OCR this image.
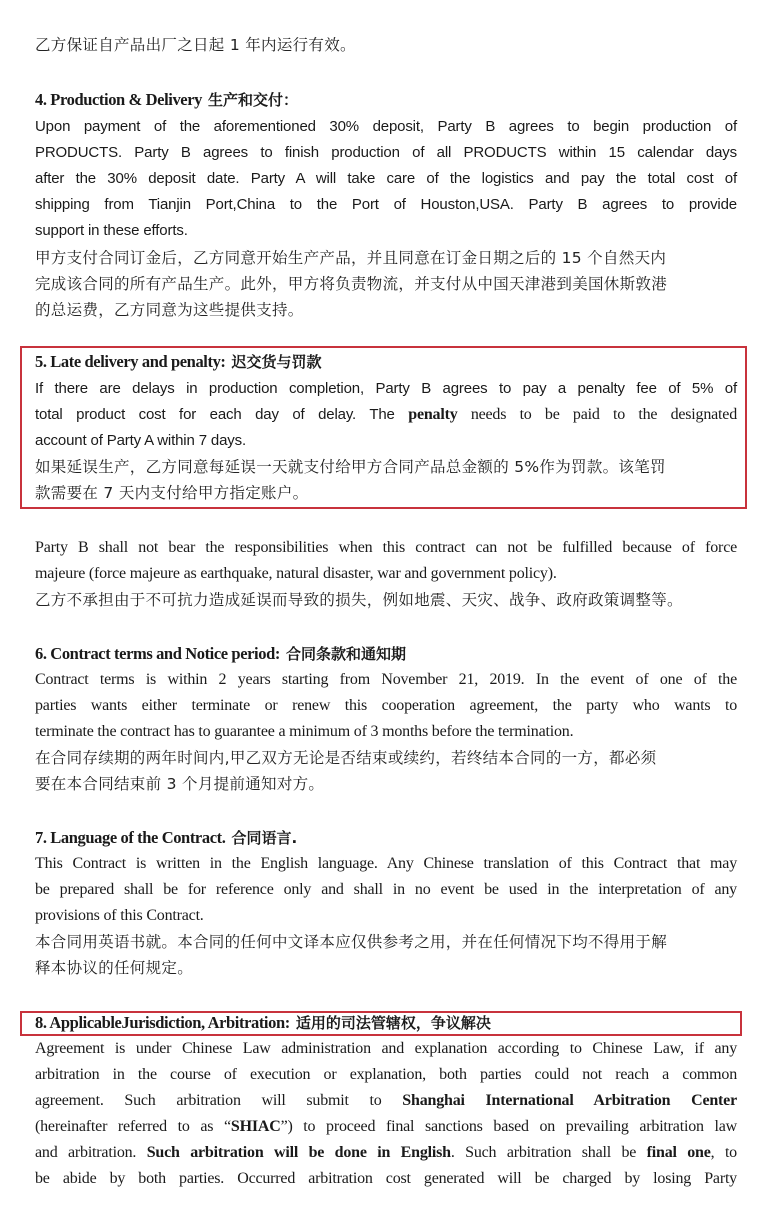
乙方保证自产品出厂之日起 1 年内运行有效。
4. Production & Delivery 生产和交付：
Upon payment of the aforementioned 30% deposit, Party B agrees to begin production of
PRODUCTS. Party B agrees to finish production of all PRODUCTS within 15 calendar days
after the 30% deposit date. Party A will take care of the logistics and pay the total cost of
shipping from Tianjin Port,China to the Port of Houston,USA. Party B agrees to provide
support in these efforts.
甲方支付合同订金后，乙方同意开始生产产品，并且同意在订金日期之后的 15 个自然天内
完成该合同的所有产品生产。此外，甲方将负责物流，并支付从中国天津港到美国休斯敦港
的总运费，乙方同意为这些提供支持。
5. Late delivery and penalty: 迟交货与罚款
If there are delays in production completion, Party B agrees to pay a penalty fee of 5% of
total product cost for each day of delay. The penalty needs to be paid to the designated
account of Party A within 7 days.
如果延误生产，乙方同意每延误一天就支付给甲方合同产品总金额的 5%作为罚款。该笔罚
款需要在 7 天内支付给甲方指定账户。
Party B shall not bear the responsibilities when this contract can not be fulfilled because of force
majeure (force majeure as earthquake, natural disaster, war and government policy).
乙方不承担由于不可抗力造成延误而导致的损失，例如地震、天灾、战争、政府政策调整等。
6. Contract terms and Notice period: 合同条款和通知期
Contract terms is within 2 years starting from November 21, 2019. In the event of one of the
parties wants either terminate or renew this cooperation agreement, the party who wants to
terminate the contract has to guarantee a minimum of 3 months before the termination.
在合同存续期的两年时间内,甲乙双方无论是否结束或续约，若终结本合同的一方，都必须
要在本合同结束前 3 个月提前通知对方。
7. Language of the Contract. 合同语言.
This Contract is written in the English language. Any Chinese translation of this Contract that may
be prepared shall be for reference only and shall in no event be used in the interpretation of any
provisions of this Contract.
本合同用英语书就。本合同的任何中文译本应仅供参考之用，并在任何情况下均不得用于解
释本协议的任何规定。
8. ApplicableJurisdiction, Arbitration: 适用的司法管辖权，争议解决
Agreement is under Chinese Law administration and explanation according to Chinese Law, if any
arbitration in the course of execution or explanation, both parties could not reach a common
agreement. Such arbitration will submit to Shanghai International Arbitration Center
(hereinafter referred to as “SHIAC”) to proceed final sanctions based on prevailing arbitration law
and arbitration. Such arbitration will be done in English. Such arbitration shall be final one, to
be abide by both parties. Occurred arbitration cost generated will be charged by losing Party
